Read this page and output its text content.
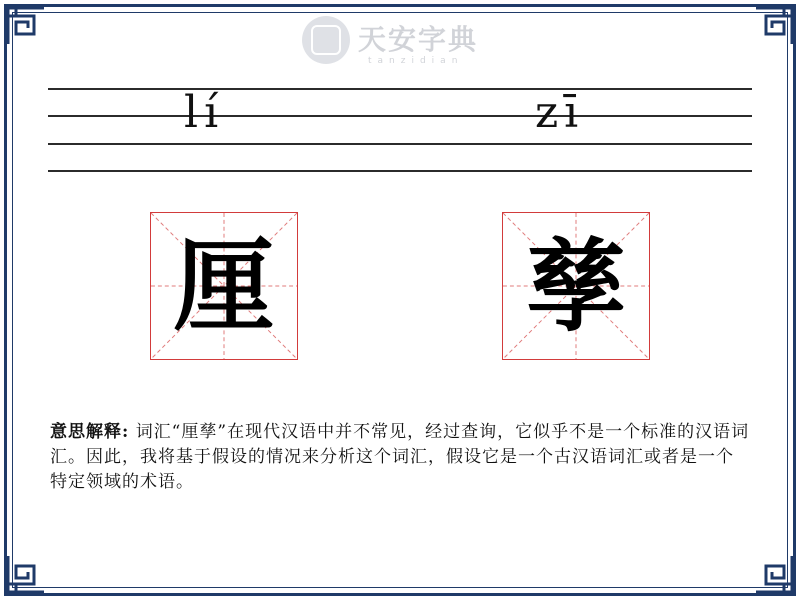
天安字典
tanzidian
lí	zī
厘	孳
意思解释: 词汇“厘孳”在现代汉语中并不常见，经过查询，它似乎不是一个标准的汉语词汇。因此，我将基于假设的情况来分析这个词汇，假设它是一个古汉语词汇或者是一个特定领域的术语。
